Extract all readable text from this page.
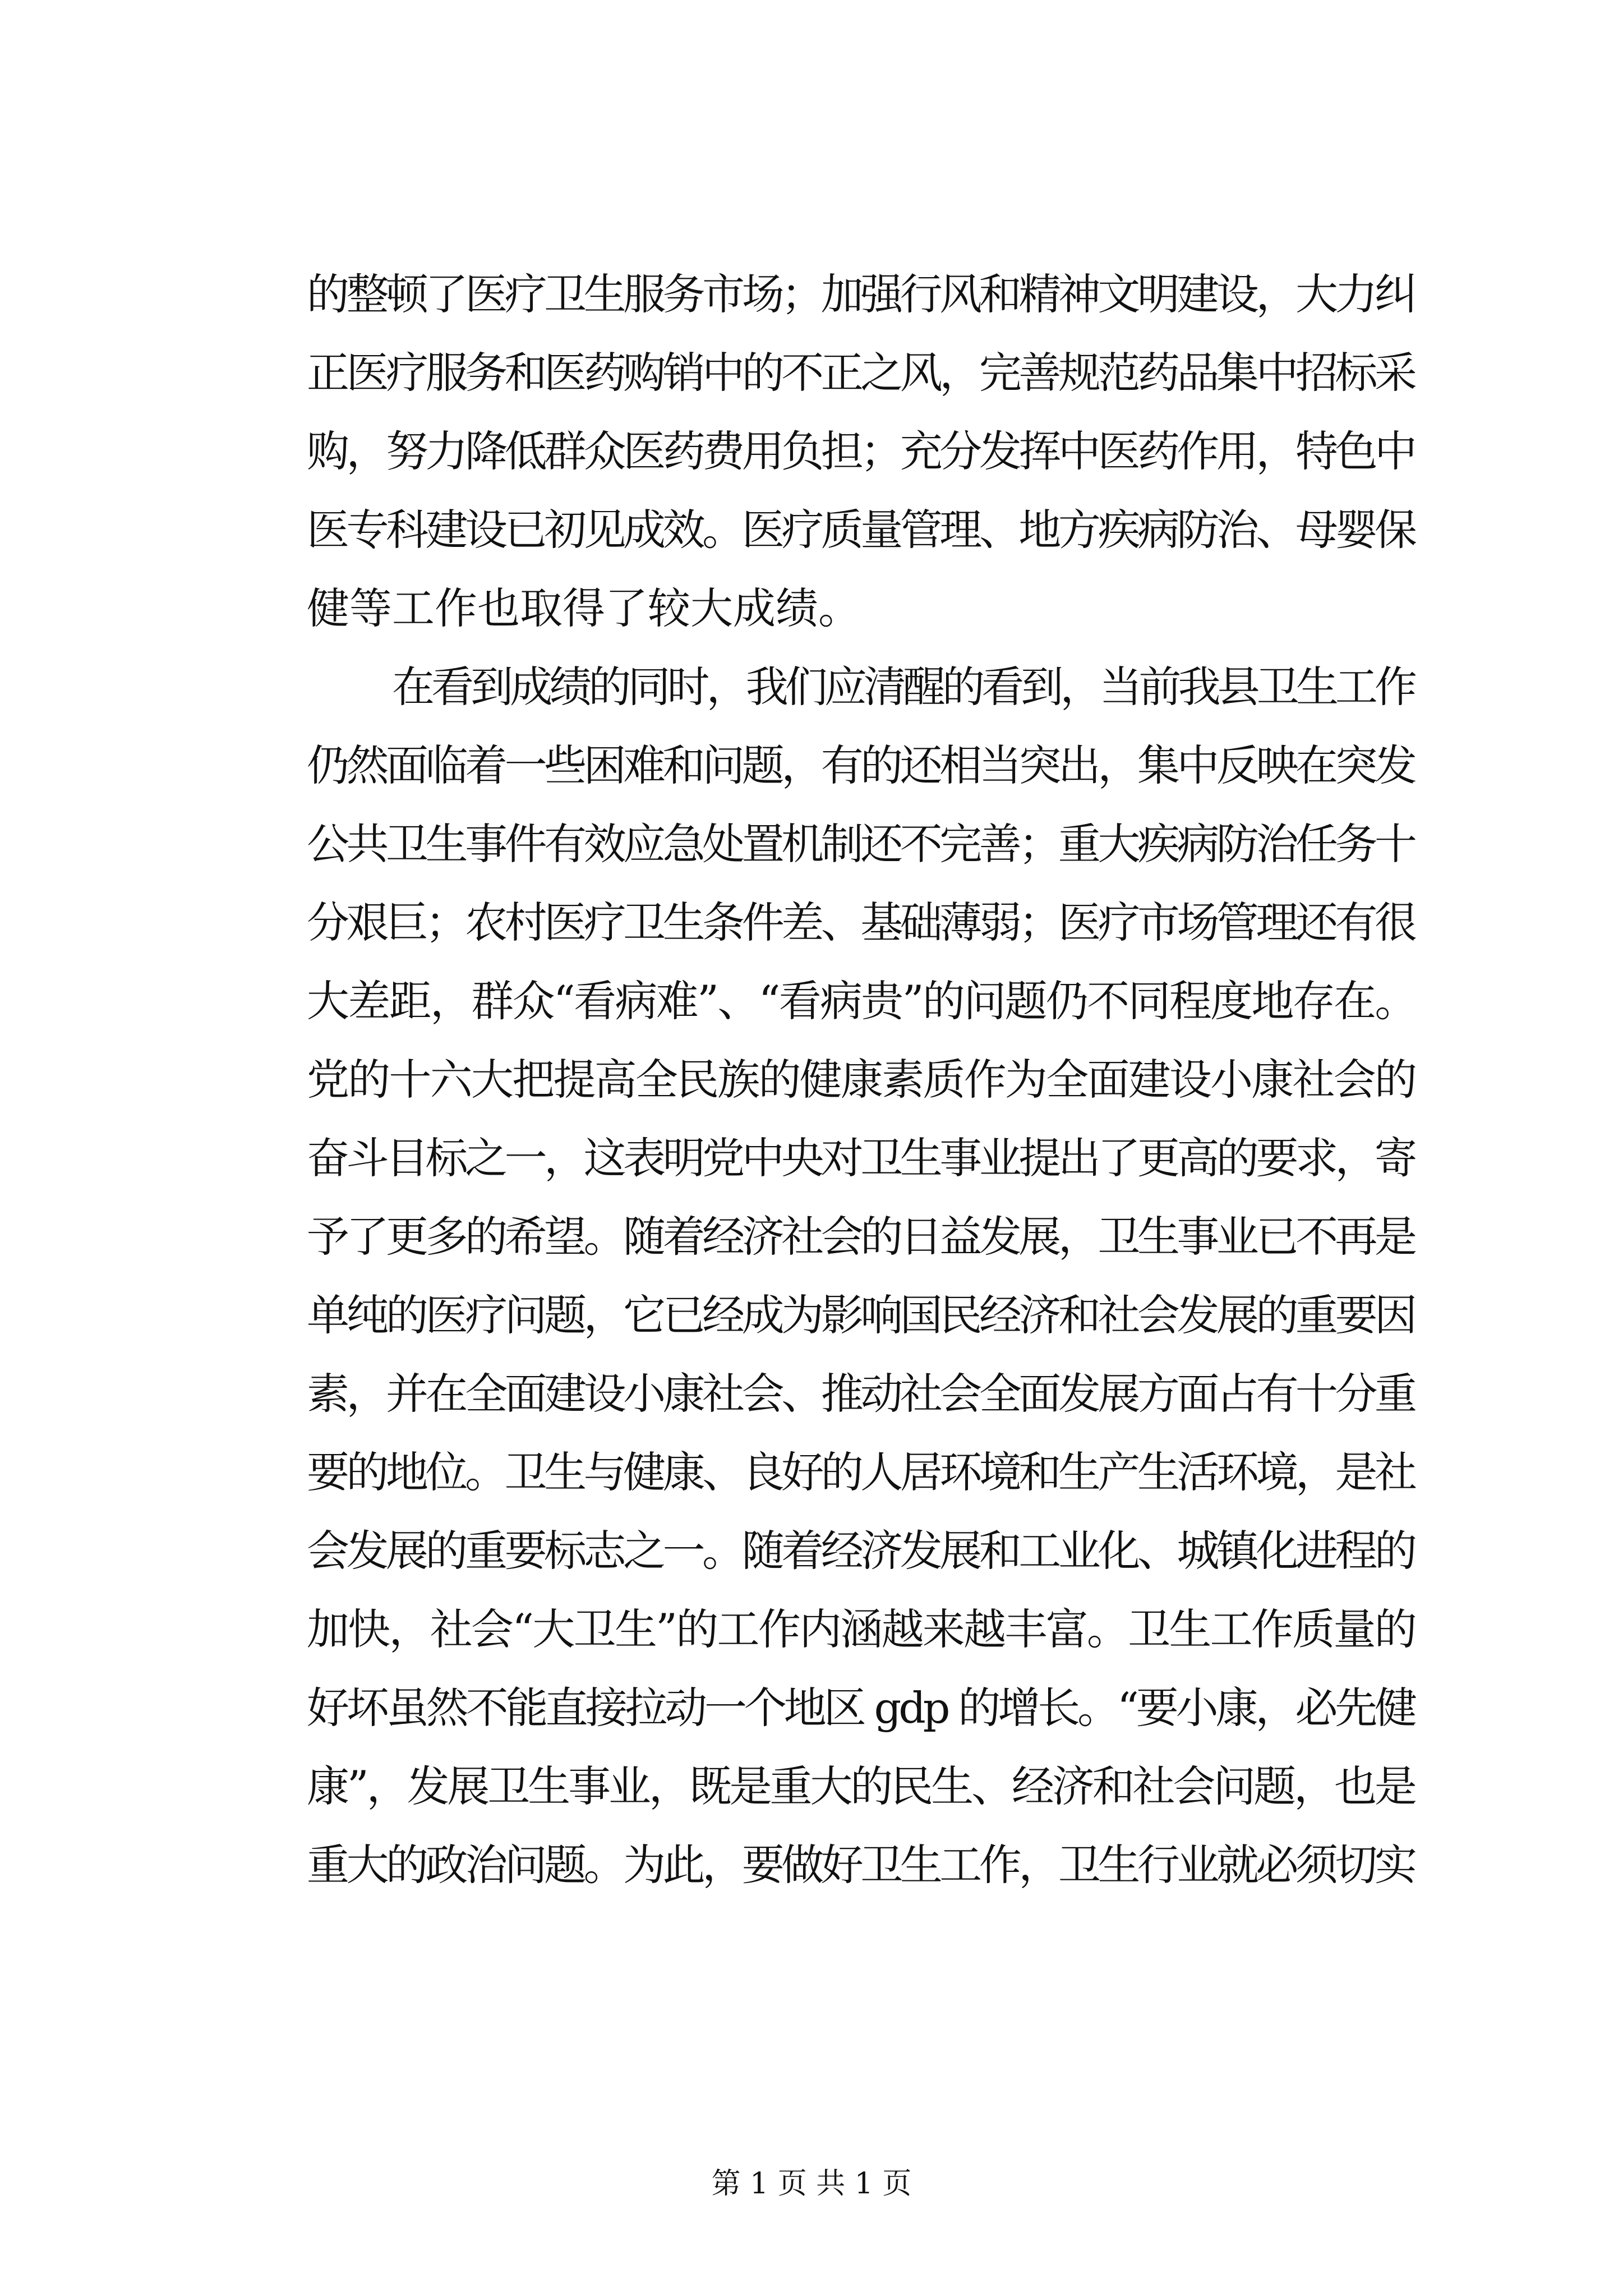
的整顿了医疗卫生服务市场；加强行风和精神文明建设，大力纠
正医疗服务和医药购销中的不正之风，完善规范药品集中招标采
购，努力降低群众医药费用负担；充分发挥中医药作用，特色中
医专科建设已初见成效。医疗质量管理、地方疾病防治、母婴保
健等工作也取得了较大成绩。
在看到成绩的同时，我们应清醒的看到，当前我县卫生工作
仍然面临着一些困难和问题，有的还相当突出，集中反映在突发
公共卫生事件有效应急处置机制还不完善；重大疾病防治任务十
分艰巨；农村医疗卫生条件差、基础薄弱；医疗市场管理还有很
大差距，群众“看病难”、“看病贵”的问题仍不同程度地存在。
党的十六大把提高全民族的健康素质作为全面建设小康社会的
奋斗目标之一，这表明党中央对卫生事业提出了更高的要求，寄
予了更多的希望。随着经济社会的日益发展，卫生事业已不再是
单纯的医疗问题，它已经成为影响国民经济和社会发展的重要因
素，并在全面建设小康社会、推动社会全面发展方面占有十分重
要的地位。卫生与健康、良好的人居环境和生产生活环境，是社
会发展的重要标志之一。随着经济发展和工业化、城镇化进程的
加快，社会“大卫生”的工作内涵越来越丰富。卫生工作质量的
好坏虽然不能直接拉动一个地区 gdp 的增长。“要小康，必先健
康”，发展卫生事业，既是重大的民生、经济和社会问题，也是
重大的政治问题。为此，要做好卫生工作，卫生行业就必须切实
第 1 页 共 1 页
